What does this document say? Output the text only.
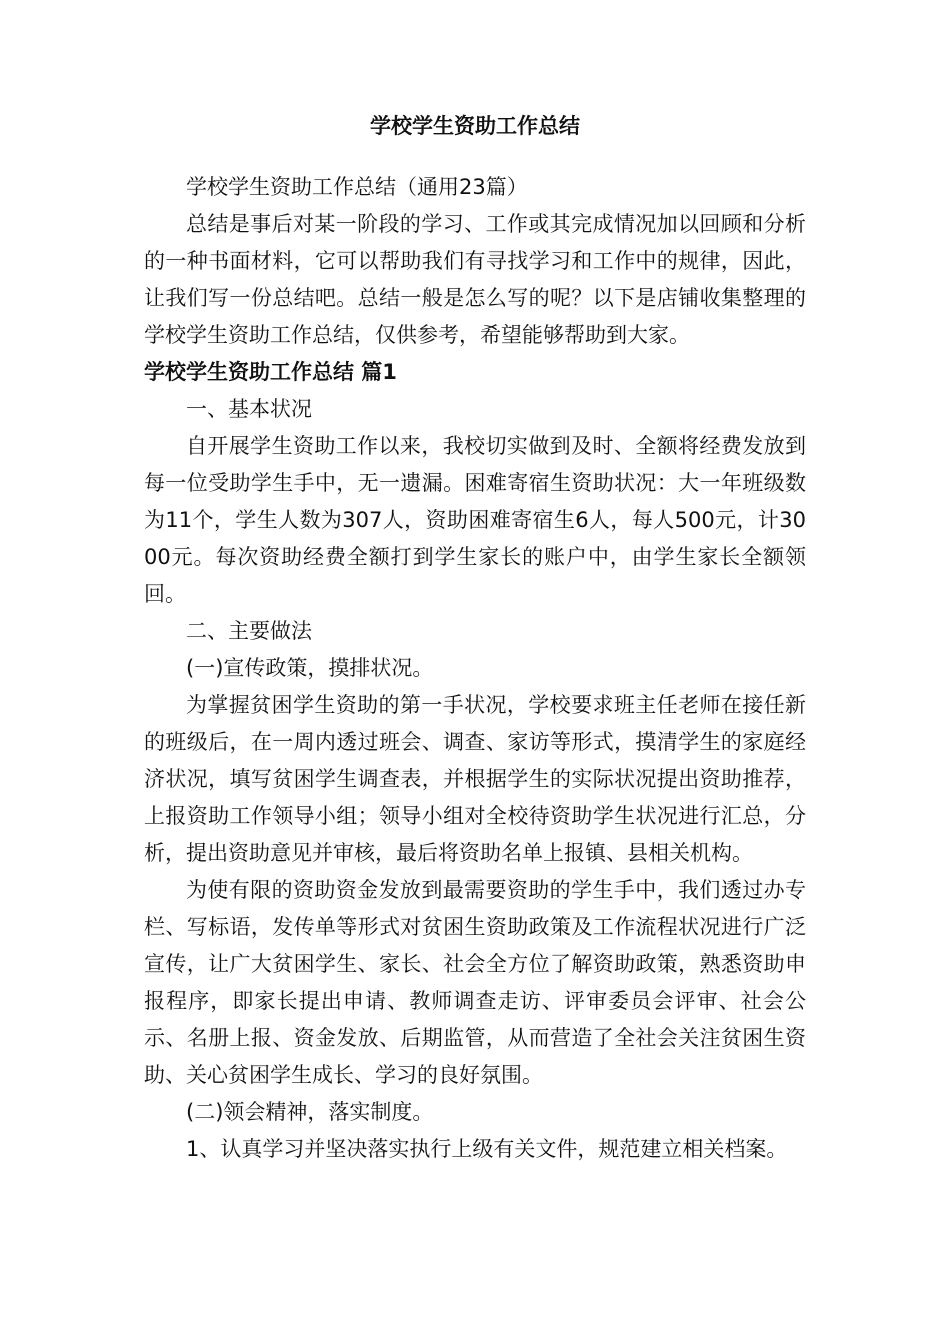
学校学生资助工作总结

学校学生资助工作总结（通用23篇）

总结是事后对某一阶段的学习、工作或其完成情况加以回顾和分析的一种书面材料，它可以帮助我们有寻找学习和工作中的规律，因此，让我们写一份总结吧。总结一般是怎么写的呢？以下是店铺收集整理的学校学生资助工作总结，仅供参考，希望能够帮助到大家。

学校学生资助工作总结 篇1

一、基本状况

自开展学生资助工作以来，我校切实做到及时、全额将经费发放到每一位受助学生手中，无一遗漏。困难寄宿生资助状况：大一年班级数为11个，学生人数为307人，资助困难寄宿生6人，每人500元，计3000元。每次资助经费全额打到学生家长的账户中，由学生家长全额领回。

二、主要做法

(一)宣传政策，摸排状况。

为掌握贫困学生资助的第一手状况，学校要求班主任老师在接任新的班级后，在一周内透过班会、调查、家访等形式，摸清学生的家庭经济状况，填写贫困学生调查表，并根据学生的实际状况提出资助推荐，上报资助工作领导小组；领导小组对全校待资助学生状况进行汇总，分析，提出资助意见并审核，最后将资助名单上报镇、县相关机构。

为使有限的资助资金发放到最需要资助的学生手中，我们透过办专栏、写标语，发传单等形式对贫困生资助政策及工作流程状况进行广泛宣传，让广大贫困学生、家长、社会全方位了解资助政策，熟悉资助申报程序，即家长提出申请、教师调查走访、评审委员会评审、社会公示、名册上报、资金发放、后期监管，从而营造了全社会关注贫困生资助、关心贫困学生成长、学习的良好氛围。

(二)领会精神，落实制度。

1、认真学习并坚决落实执行上级有关文件，规范建立相关档案。
